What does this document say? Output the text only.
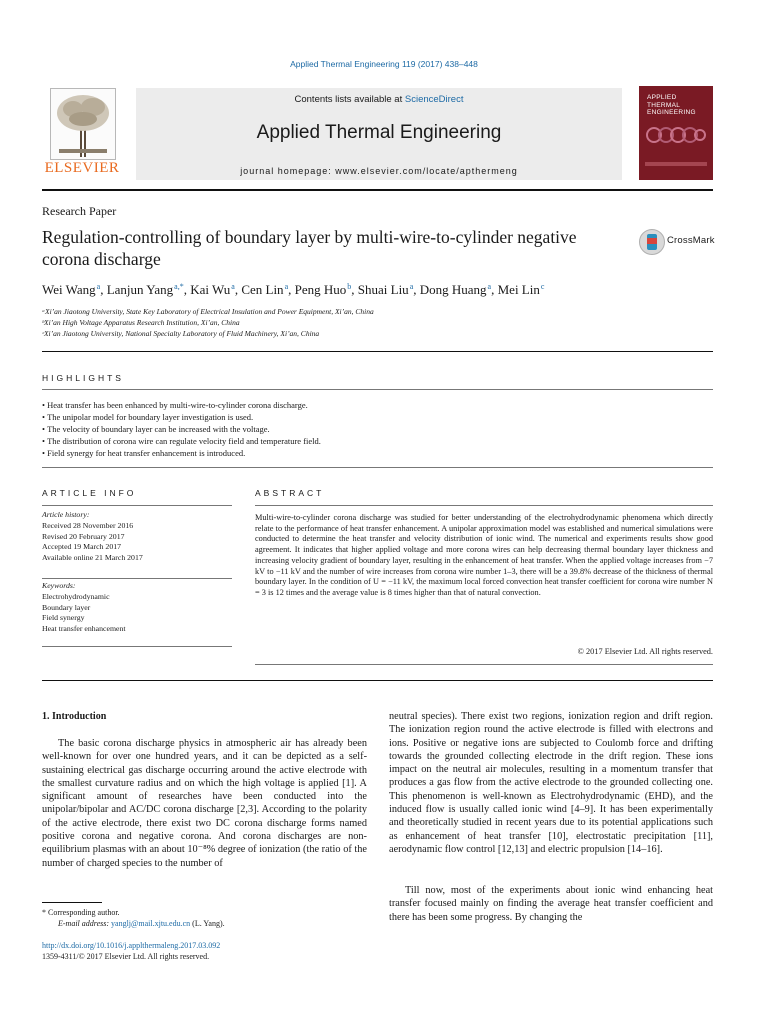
Applied Thermal Engineering 119 (2017) 438–448
ELSEVIER
Contents lists available at ScienceDirect
Applied Thermal Engineering
journal homepage: www.elsevier.com/locate/apthermeng
APPLIED THERMAL ENGINEERING
Research Paper
Regulation-controlling of boundary layer by multi-wire-to-cylinder negative corona discharge
CrossMark
Wei Wang$^a$, Lanjun Yang$^{a,*}$, Kai Wu$^a$, Cen Lin$^a$, Peng Huo$^b$, Shuai Liu$^a$, Dong Huang$^a$, Mei Lin$^c$
ᵃXi’an Jiaotong University, State Key Laboratory of Electrical Insulation and Power Equipment, Xi’an, China
ᵇXi’an High Voltage Apparatus Research Institution, Xi’an, China
ᶜXi’an Jiaotong University, National Specialty Laboratory of Fluid Machinery, Xi’an, China
HIGHLIGHTS
• Heat transfer has been enhanced by multi-wire-to-cylinder corona discharge.
• The unipolar model for boundary layer investigation is used.
• The velocity of boundary layer can be increased with the voltage.
• The distribution of corona wire can regulate velocity field and temperature field.
• Field synergy for heat transfer enhancement is introduced.
ARTICLE INFO
Article history:
Received 28 November 2016
Revised 20 February 2017
Accepted 19 March 2017
Available online 21 March 2017
Keywords:
Electrohydrodynamic
Boundary layer
Field synergy
Heat transfer enhancement
ABSTRACT
Multi-wire-to-cylinder corona discharge was studied for better understanding of the electrohydrodynamic phenomena which directly relate to the performance of heat transfer enhancement. A unipolar approximation model was established and numerical simulations were conducted to determine the heat transfer and velocity distribution of ionic wind. The numerical and experiments results show good agreement. It indicates that higher applied voltage and more corona wires can help decreasing thermal boundary layer thickness and increasing velocity gradient of boundary layer, resulting in the enhancement of heat transfer. When the applied voltage increases from −7 kV to −11 kV and the number of wire increases from corona wire number 1–3, there will be a 39.8% decrease of the thickness of thermal boundary layer. In the condition of U = −11 kV, the maximum local forced convection heat transfer coefficient for corona wire number N = 3 is 12 times and the average value is 8 times higher than that of natural convection.
© 2017 Elsevier Ltd. All rights reserved.
1. Introduction
The basic corona discharge physics in atmospheric air has already been well-known for over one hundred years, and it can be depicted as a self-sustaining electrical gas discharge occurring around the active electrode with the smallest curvature radius and on which the high voltage is applied [1]. A significant amount of researches have been conducted into the unipolar/bipolar and AC/DC corona discharge [2,3]. According to the polarity of the active electrode, there exist two DC corona discharge forms named positive corona and negative corona. And corona discharges are non-equilibrium plasmas with an about 10⁻⁸% degree of ionization (the ratio of the number of charged species to the number of
neutral species). There exist two regions, ionization region and drift region. The ionization region round the active electrode is filled with electrons and ions. Positive or negative ions are subjected to Coulomb force and drifting towards the grounded collecting electrode in the drift region. These ions impact on the neutral air molecules, resulting in a momentum transfer that produces a gas flow from the active electrode to the grounded collecting one. This phenomenon is well-known as Electrohydrodynamic (EHD), and the induced flow is usually called ionic wind [4–9]. It has been experimentally and theoretically studied in recent years due to its potential applications such as enhancement of heat transfer [10], electrostatic precipitation [11], aerodynamic flow control [12,13] and electric propulsion [14–16].
Till now, most of the experiments about ionic wind enhancing heat transfer focused mainly on finding the average heat transfer coefficient and there has been some progress. By changing the
* Corresponding author.
E-mail address: yanglj@mail.xjtu.edu.cn (L. Yang).
http://dx.doi.org/10.1016/j.applthermaleng.2017.03.092
1359-4311/© 2017 Elsevier Ltd. All rights reserved.
